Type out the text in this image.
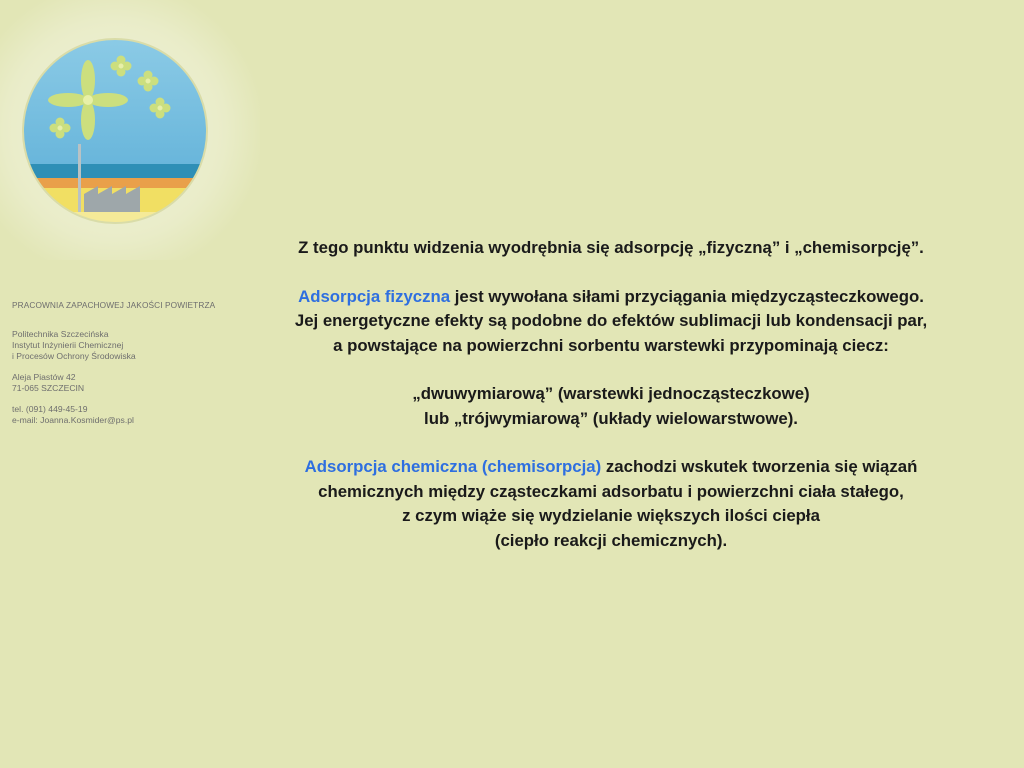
PRACOWNIA ZAPACHOWEJ JAKOŚCI POWIETRZA
Politechnika Szczecińska
Instytut Inżynierii Chemicznej
i Procesów Ochrony Środowiska
Aleja Piastów 42
71-065 SZCZECIN
tel. (091) 449-45-19
e-mail: Joanna.Kosmider@ps.pl

Z tego punktu widzenia wyodrębnia się adsorpcję „fizyczną” i „chemisorpcję”.

Adsorpcja fizyczna jest wywołana siłami przyciągania międzycząsteczkowego.

Jej energetyczne efekty są podobne do efektów sublimacji lub kondensacji par,

a powstające na powierzchni sorbentu warstewki przypominają ciecz:

„dwuwymiarową” (warstewki jednocząsteczkowe)

lub „trójwymiarową” (układy wielowarstwowe).

Adsorpcja chemiczna (chemisorpcja) zachodzi wskutek tworzenia się wiązań

chemicznych między cząsteczkami adsorbatu i powierzchni ciała stałego,

z czym wiąże się wydzielanie większych ilości ciepła

(ciepło reakcji chemicznych).
